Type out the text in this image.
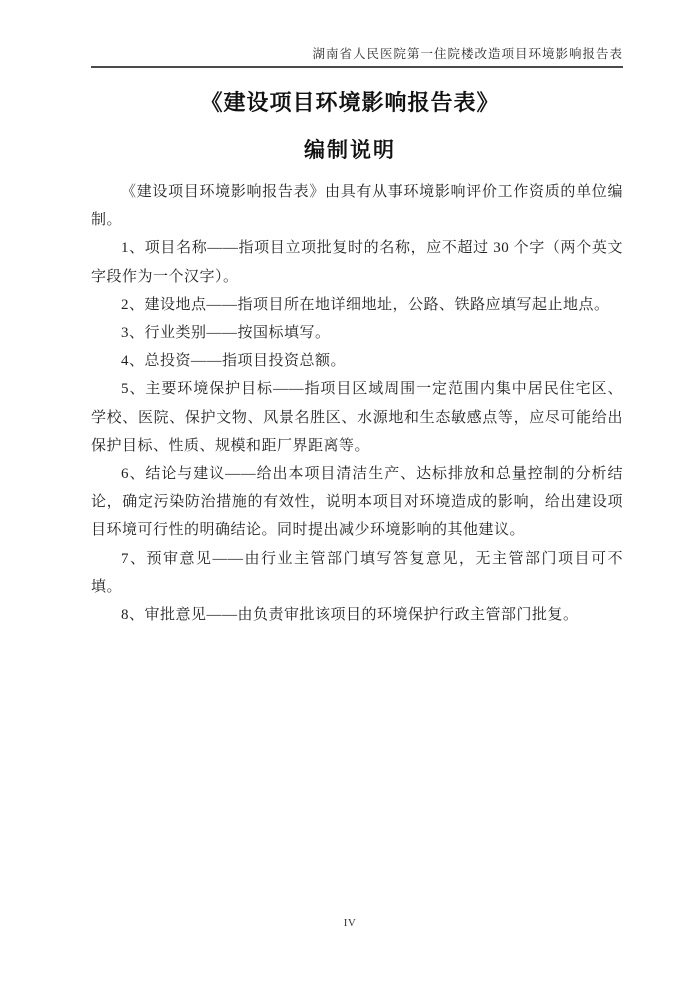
湖南省人民医院第一住院楼改造项目环境影响报告表
《建设项目环境影响报告表》
编制说明

《建设项目环境影响报告表》由具有从事环境影响评价工作资质的单位编制。

1、项目名称——指项目立项批复时的名称，应不超过 30 个字（两个英文字段作为一个汉字）。

2、建设地点——指项目所在地详细地址，公路、铁路应填写起止地点。

3、行业类别——按国标填写。

4、总投资——指项目投资总额。

5、主要环境保护目标——指项目区域周围一定范围内集中居民住宅区、学校、医院、保护文物、风景名胜区、水源地和生态敏感点等，应尽可能给出保护目标、性质、规模和距厂界距离等。

6、结论与建议——给出本项目清洁生产、达标排放和总量控制的分析结论，确定污染防治措施的有效性，说明本项目对环境造成的影响，给出建设项目环境可行性的明确结论。同时提出减少环境影响的其他建议。

7、预审意见——由行业主管部门填写答复意见，无主管部门项目可不填。

8、审批意见——由负责审批该项目的环境保护行政主管部门批复。

IV
